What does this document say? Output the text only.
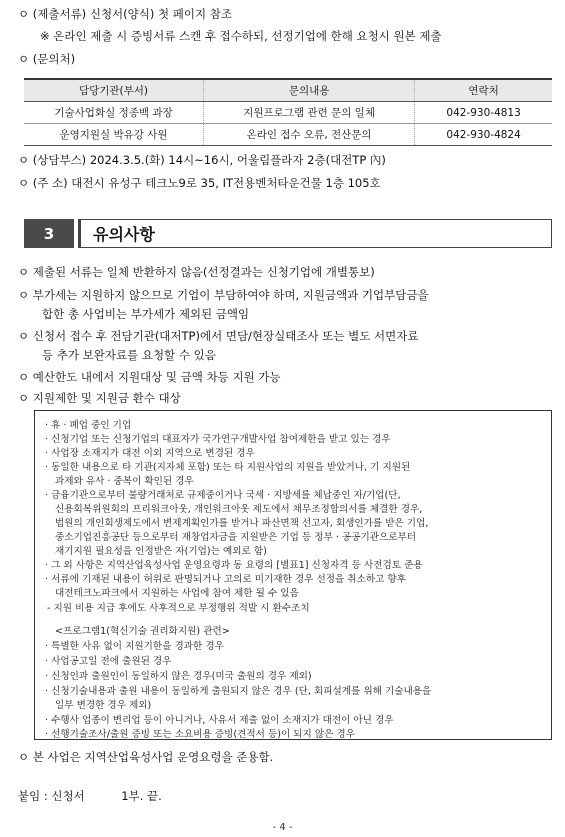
ㅇ (제출서류) 신청서(양식) 첫 페이지 참조
※ 온라인 제출 시 증빙서류 스캔 후 접수하되, 선정기업에 한해 요청시 원본 제출
ㅇ (문의처)
담당기관(부서)	문의내용	연락처
기술사업화실 정종백 과장	지원프로그램 관련 문의 일체	042-930-4813
운영지원실 박유강 사원	온라인 접수 오류, 전산문의	042-930-4824
ㅇ (상담부스) 2024.3.5.(화) 14시~16시, 어울림플라자 2층(대전TP 內)
ㅇ (주 소) 대전시 유성구 테크노9로 35, IT전용벤처타운건물 1층 105호
3	유의사항
ㅇ 제출된 서류는 일체 반환하지 않음(선정결과는 신청기업에 개별통보)
ㅇ 부가세는 지원하지 않으므로 기업이 부담하여야 하며, 지원금액과 기업부담금을
합한 총 사업비는 부가세가 제외된 금액임
ㅇ 신청서 접수 후 전담기관(대저TP)에서 면담/현장실태조사 또는 별도 서면자료
등 추가 보완자료를 요청할 수 있음
ㅇ 예산한도 내에서 지원대상 및 금액 차등 지원 가능
ㅇ 지원제한 및 지원금 환수 대상
· 휴 · 폐업 중인 기업
· 신청기업 또는 신청기업의 대표자가 국가연구개발사업 참여제한을 받고 있는 경우
· 사업장 소재지가 대전 이외 지역으로 변경된 경우
· 동일한 내용으로 타 기관(지자체 포함) 또는 타 지원사업의 지원을 받았거나, 기 지원된
과제와 유사 · 중복이 확인된 경우
· 금융기관으로부터 불량거래처로 규제중이거나 국세 · 지방세를 체납중인 자/기업(단,
신용회복위원회의 프리워크아웃, 개인워크아웃 제도에서 채무조정합의서를 체결한 경우,
법원의 개인회생제도에서 변제계획인가를 받거나 파산면책 선고자, 회생인가를 받은 기업,
중소기업진흥공단 등으로부터 재창업자금을 지원받은 기업 등 정부 · 공공기관으로부터
재기지원 필요성을 인정받은 자(기업)는 예외로 함)
· 그 외 사항은 지역산업육성사업 운영요령과 동 요령의 [별표1] 신청자격 등 사전검토 준용
· 서류에 기재된 내용이 허위로 판명되거나 고의로 미기재한 경우 선정을 취소하고 향후
대전테크노파크에서 지원하는 사업에 참여 제한 될 수 있음
- 지원 비용 지급 후에도 사후적으로 부정행위 적발 시 환수조치
<프로그램1(혁신기술 권리화지원) 관련>
· 특별한 사유 없이 지원기한을 경과한 경우
· 사업공고일 전에 출원된 경우
· 신청인과 출원인이 동일하지 않은 경우(미국 출원의 경우 제외)
· 신청기술내용과 출원 내용이 동일하게 출원되지 않은 경우 (단, 회피설계를 위해 기술내용을
일부 변경한 경우 제외)
· 수행사 업종이 변리업 등이 아니거나, 사유서 제출 없이 소재지가 대전이 아닌 경우
· 선행기술조사/출원 증빙 또는 소요비용 증빙(견적서 등)이 되지 않은 경우
ㅇ 본 사업은 지역산업육성사업 운영요령을 준용함.
붙임 : 신청서          1부. 끝.
- 4 -
